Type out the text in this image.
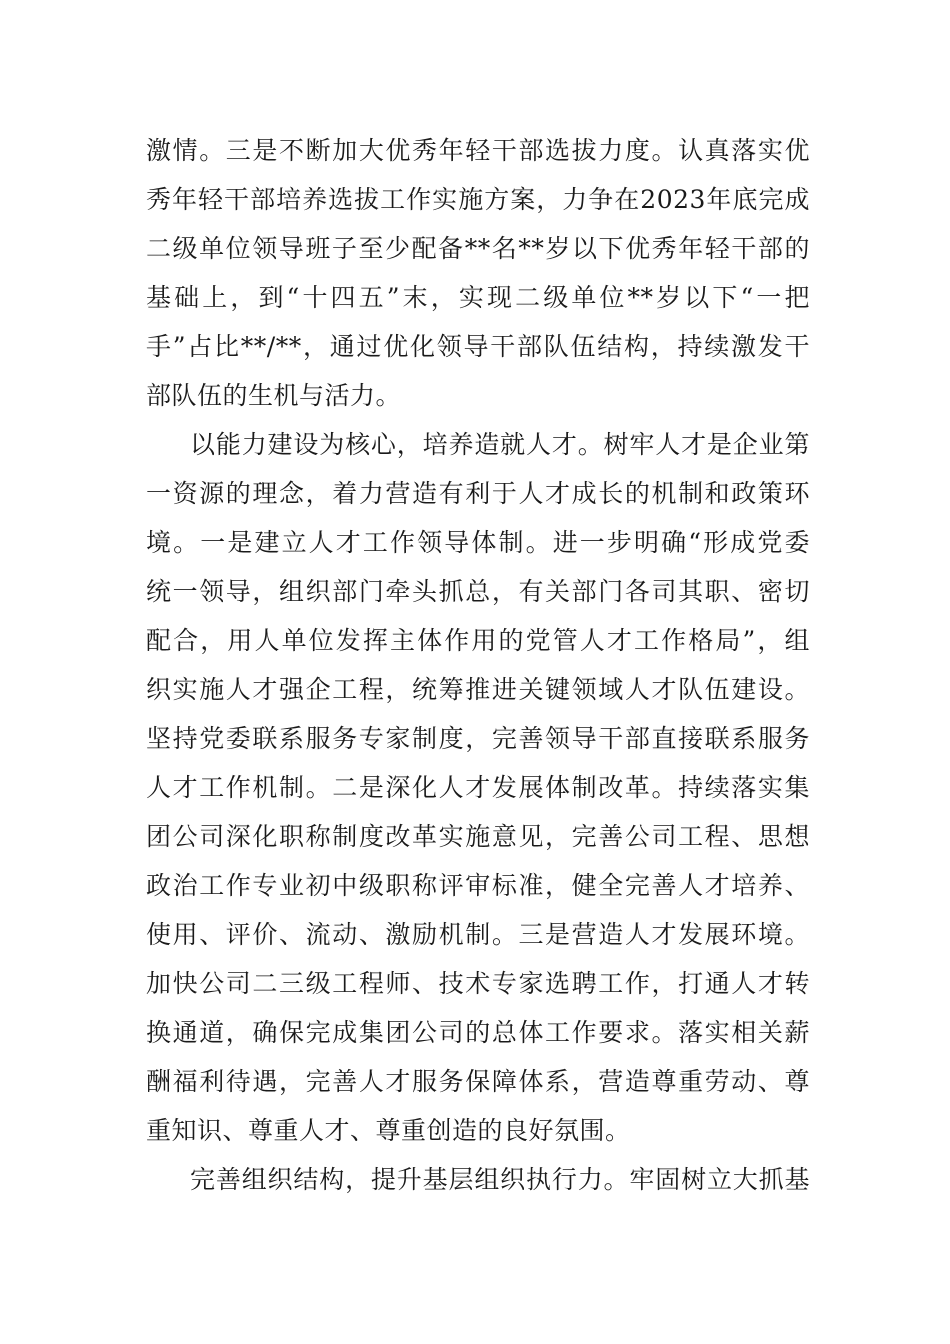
激情。三是不断加大优秀年轻干部选拔力度。认真落实优
秀年轻干部培养选拔工作实施方案，力争在2023年底完成
二级单位领导班子至少配备**名**岁以下优秀年轻干部的
基础上，到“十四五”末，实现二级单位**岁以下“一把
手”占比**/**，通过优化领导干部队伍结构，持续激发干
部队伍的生机与活力。
以能力建设为核心，培养造就人才。树牢人才是企业第
一资源的理念，着力营造有利于人才成长的机制和政策环
境。一是建立人才工作领导体制。进一步明确“形成党委
统一领导，组织部门牵头抓总，有关部门各司其职、密切
配合，用人单位发挥主体作用的党管人才工作格局”，组
织实施人才强企工程，统筹推进关键领域人才队伍建设。
坚持党委联系服务专家制度，完善领导干部直接联系服务
人才工作机制。二是深化人才发展体制改革。持续落实集
团公司深化职称制度改革实施意见，完善公司工程、思想
政治工作专业初中级职称评审标准，健全完善人才培养、
使用、评价、流动、激励机制。三是营造人才发展环境。
加快公司二三级工程师、技术专家选聘工作，打通人才转
换通道，确保完成集团公司的总体工作要求。落实相关薪
酬福利待遇，完善人才服务保障体系，营造尊重劳动、尊
重知识、尊重人才、尊重创造的良好氛围。
完善组织结构，提升基层组织执行力。牢固树立大抓基
